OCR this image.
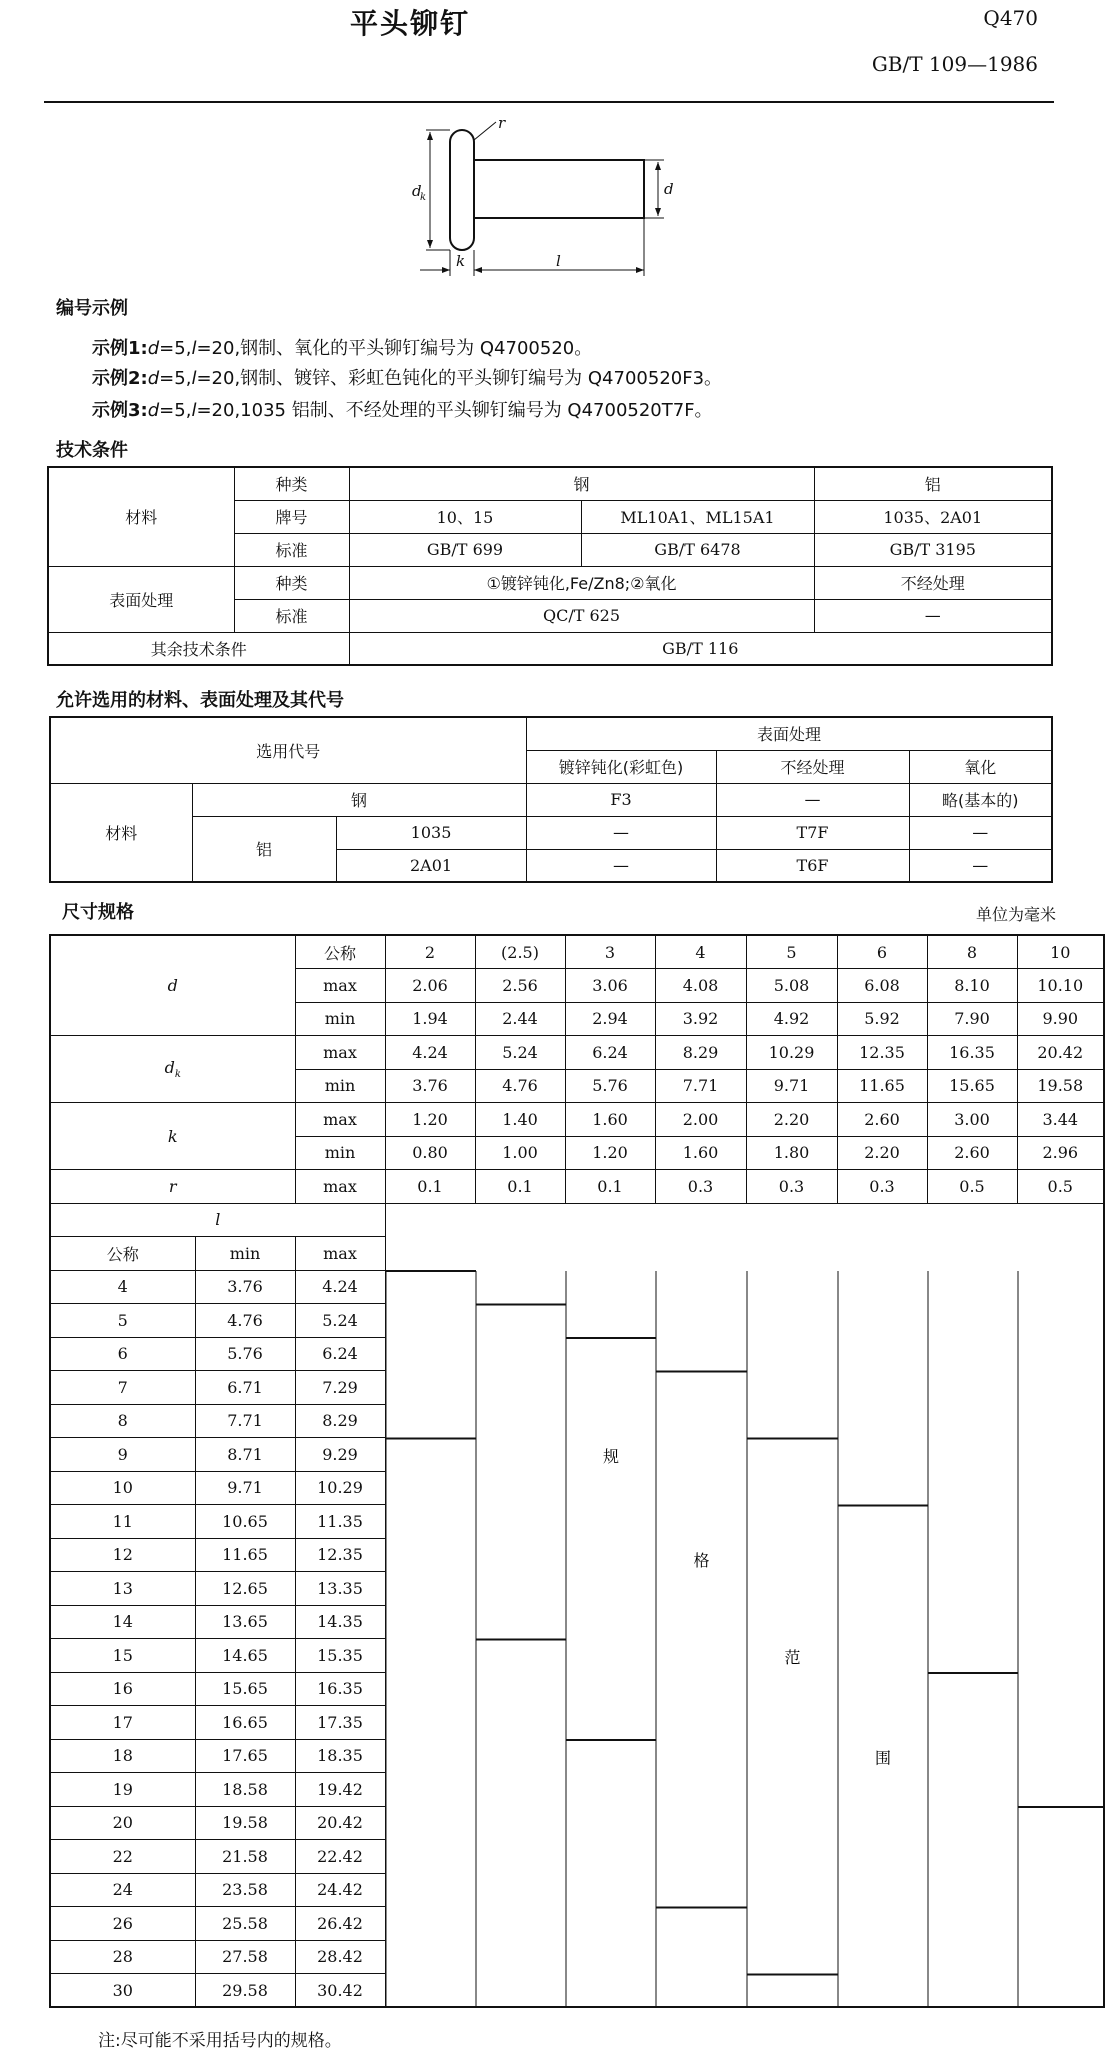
平头铆钉	Q470
GB/T 109—1986
r
d
k	d
k	l
编号示例
示例1:d=5,l=20,钢制、氧化的平头铆钉编号为 Q4700520。
示例2:d=5,l=20,钢制、镀锌、彩虹色钝化的平头铆钉编号为 Q4700520F3。
示例3:d=5,l=20,1035 铝制、不经处理的平头铆钉编号为 Q4700520T7F。
技术条件
材料	种类	钢		铝
	牌号	10、15	ML10A1、ML15A1	1035、2A01
	标准	GB/T 699	GB/T 6478	GB/T 3195
表面处理	种类	①镀锌钝化,Fe/Zn8;②氧化		不经处理
	标准	QC/T 625		—
其余技术条件		GB/T 116		
允许选用的材料、表面处理及其代号
选用代号			表面处理		
			镀锌钝化(彩虹色)	不经处理	氧化
材料	钢		F3	—	略(基本的)
	铝	1035	—	T7F	—
		2A01	—	T6F	—
尺寸规格	单位为毫米
d		公称	2	(2.5)	3	4	5	6	8	10
		max	2.06	2.56	3.06	4.08	5.08	6.08	8.10	10.10
		min	1.94	2.44	2.94	3.92	4.92	5.92	7.90	9.90
$d_k$		max	4.24	5.24	6.24	8.29	10.29	12.35	16.35	20.42
		min	3.76	4.76	5.76	7.71	9.71	11.65	15.65	19.58
k		max	1.20	1.40	1.60	2.00	2.20	2.60	3.00	3.44
		min	0.80	1.00	1.20	1.60	1.80	2.20	2.60	2.96
r		max	0.1	0.1	0.1	0.3	0.3	0.3	0.5	0.5
l			规
格
范
围							

公称	min	max								
4	3.76	4.24								
5	4.76	5.24								
6	5.76	6.24								
7	6.71	7.29								
8	7.71	8.29								
9	8.71	9.29								
10	9.71	10.29								
11	10.65	11.35								
12	11.65	12.35								
13	12.65	13.35								
14	13.65	14.35								
15	14.65	15.35								
16	15.65	16.35								
17	16.65	17.35								
18	17.65	18.35								
19	18.58	19.42								
20	19.58	20.42								
22	21.58	22.42								
24	23.58	24.42								
26	25.58	26.42								
28	27.58	28.42								
30	29.58	30.42								
注:尽可能不采用括号内的规格。
